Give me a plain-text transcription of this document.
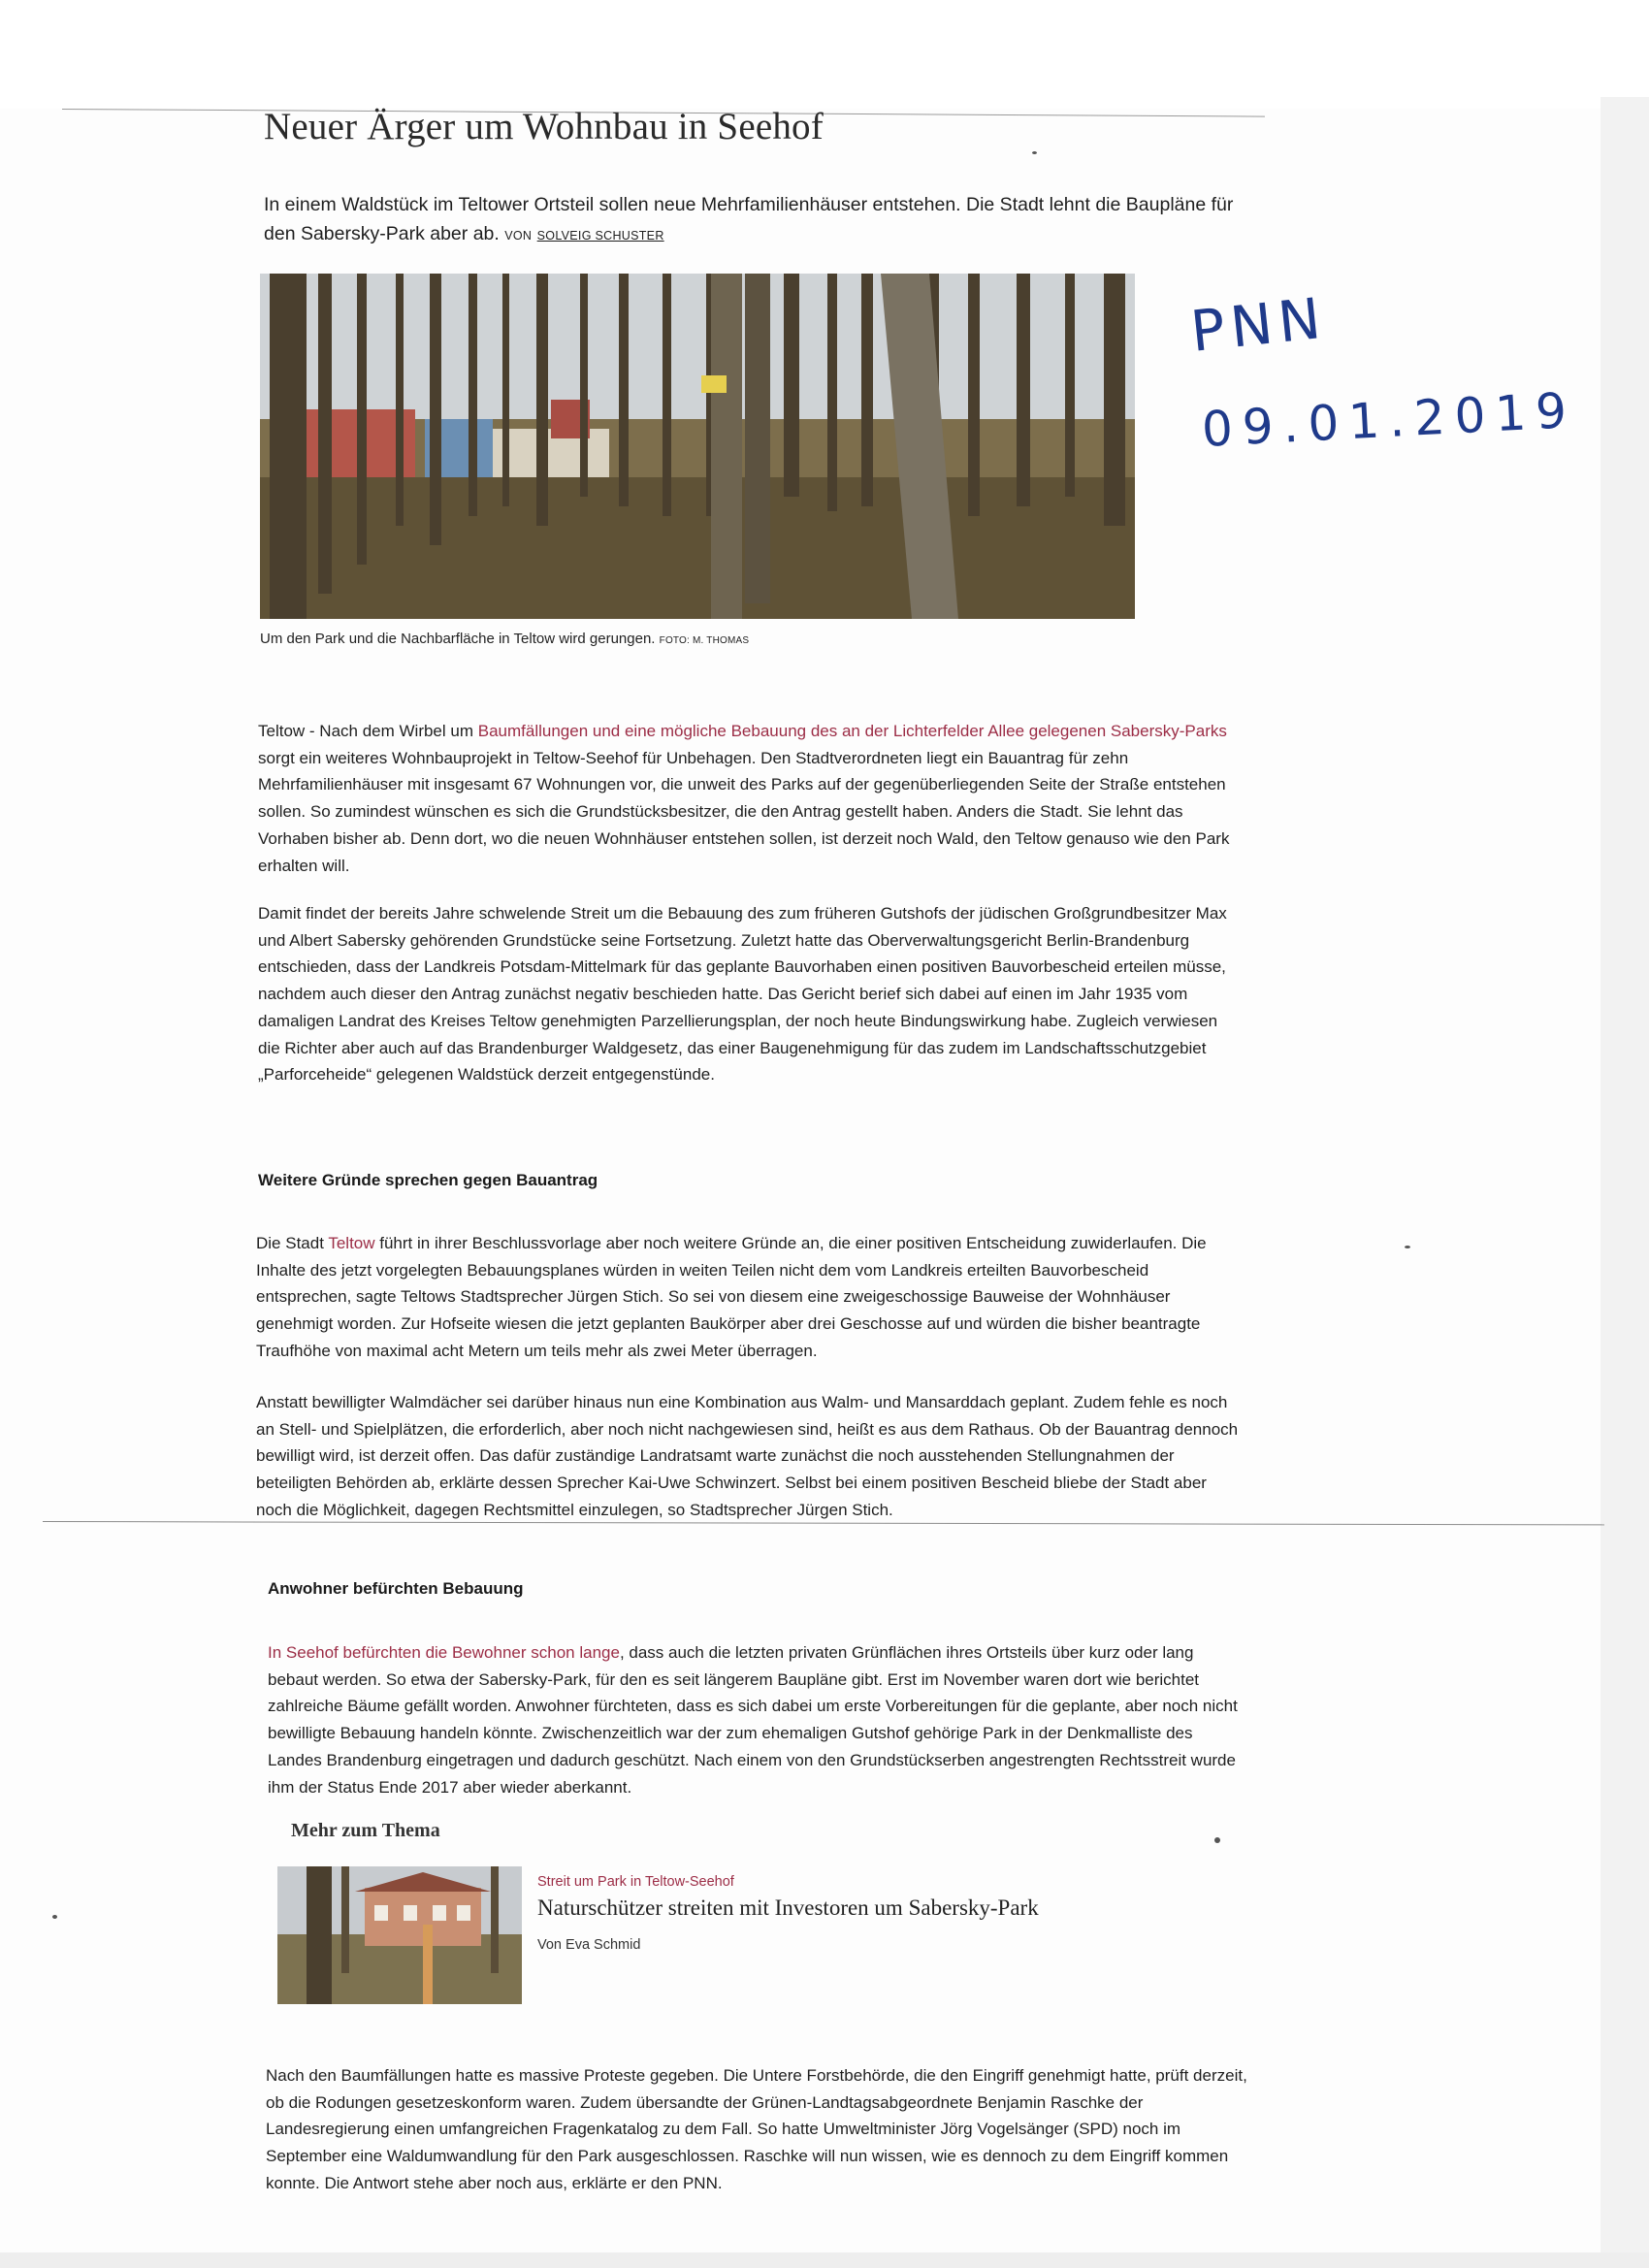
Neuer Ärger um Wohnbau in Seehof

In einem Waldstück im Teltower Ortsteil sollen neue Mehrfamilienhäuser entstehen. Die Stadt lehnt die Baupläne für den Sabersky-Park aber ab. VON SOLVEIG SCHUSTER

Um den Park und die Nachbarfläche in Teltow wird gerungen. FOTO: M. THOMAS

PNN
09.01.2019

Teltow - Nach dem Wirbel um Baumfällungen und eine mögliche Bebauung des an der Lichterfelder Allee gelegenen Sabersky-Parks sorgt ein weiteres Wohnbauprojekt in Teltow-Seehof für Unbehagen. Den Stadtverordneten liegt ein Bauantrag für zehn Mehrfamilienhäuser mit insgesamt 67 Wohnungen vor, die unweit des Parks auf der gegenüberliegenden Seite der Straße entstehen sollen. So zumindest wünschen es sich die Grundstücksbesitzer, die den Antrag gestellt haben. Anders die Stadt. Sie lehnt das Vorhaben bisher ab. Denn dort, wo die neuen Wohnhäuser entstehen sollen, ist derzeit noch Wald, den Teltow genauso wie den Park erhalten will.

Damit findet der bereits Jahre schwelende Streit um die Bebauung des zum früheren Gutshofs der jüdischen Großgrundbesitzer Max und Albert Sabersky gehörenden Grundstücke seine Fortsetzung. Zuletzt hatte das Oberverwaltungsgericht Berlin-Brandenburg entschieden, dass der Landkreis Potsdam-Mittelmark für das geplante Bauvorhaben einen positiven Bauvorbescheid erteilen müsse, nachdem auch dieser den Antrag zunächst negativ beschieden hatte. Das Gericht berief sich dabei auf einen im Jahr 1935 vom damaligen Landrat des Kreises Teltow genehmigten Parzellierungsplan, der noch heute Bindungswirkung habe. Zugleich verwiesen die Richter aber auch auf das Brandenburger Waldgesetz, das einer Baugenehmigung für das zudem im Landschaftsschutzgebiet „Parforceheide“ gelegenen Waldstück derzeit entgegenstünde.

Weitere Gründe sprechen gegen Bauantrag

Die Stadt Teltow führt in ihrer Beschlussvorlage aber noch weitere Gründe an, die einer positiven Entscheidung zuwiderlaufen. Die Inhalte des jetzt vorgelegten Bebauungsplanes würden in weiten Teilen nicht dem vom Landkreis erteilten Bauvorbescheid entsprechen, sagte Teltows Stadtsprecher Jürgen Stich. So sei von diesem eine zweigeschossige Bauweise der Wohnhäuser genehmigt worden. Zur Hofseite wiesen die jetzt geplanten Baukörper aber drei Geschosse auf und würden die bisher beantragte Traufhöhe von maximal acht Metern um teils mehr als zwei Meter überragen.

Anstatt bewilligter Walmdächer sei darüber hinaus nun eine Kombination aus Walm- und Mansarddach geplant. Zudem fehle es noch an Stell- und Spielplätzen, die erforderlich, aber noch nicht nachgewiesen sind, heißt es aus dem Rathaus. Ob der Bauantrag dennoch bewilligt wird, ist derzeit offen. Das dafür zuständige Landratsamt warte zunächst die noch ausstehenden Stellungnahmen der beteiligten Behörden ab, erklärte dessen Sprecher Kai-Uwe Schwinzert. Selbst bei einem positiven Bescheid bliebe der Stadt aber noch die Möglichkeit, dagegen Rechtsmittel einzulegen, so Stadtsprecher Jürgen Stich.

Anwohner befürchten Bebauung

In Seehof befürchten die Bewohner schon lange, dass auch die letzten privaten Grünflächen ihres Ortsteils über kurz oder lang bebaut werden. So etwa der Sabersky-Park, für den es seit längerem Baupläne gibt. Erst im November waren dort wie berichtet zahlreiche Bäume gefällt worden. Anwohner fürchteten, dass es sich dabei um erste Vorbereitungen für die geplante, aber noch nicht bewilligte Bebauung handeln könnte. Zwischenzeitlich war der zum ehemaligen Gutshof gehörige Park in der Denkmalliste des Landes Brandenburg eingetragen und dadurch geschützt. Nach einem von den Grundstückserben angestrengten Rechtsstreit wurde ihm der Status Ende 2017 aber wieder aberkannt.

Mehr zum Thema

Streit um Park in Teltow-Seehof

Naturschützer streiten mit Investoren um Sabersky-Park

Von Eva Schmid

Nach den Baumfällungen hatte es massive Proteste gegeben. Die Untere Forstbehörde, die den Eingriff genehmigt hatte, prüft derzeit, ob die Rodungen gesetzeskonform waren. Zudem übersandte der Grünen-Landtagsabgeordnete Benjamin Raschke der Landesregierung einen umfangreichen Fragenkatalog zu dem Fall. So hatte Umweltminister Jörg Vogelsänger (SPD) noch im September eine Waldumwandlung für den Park ausgeschlossen. Raschke will nun wissen, wie es dennoch zu dem Eingriff kommen konnte. Die Antwort stehe aber noch aus, erklärte er den PNN.
